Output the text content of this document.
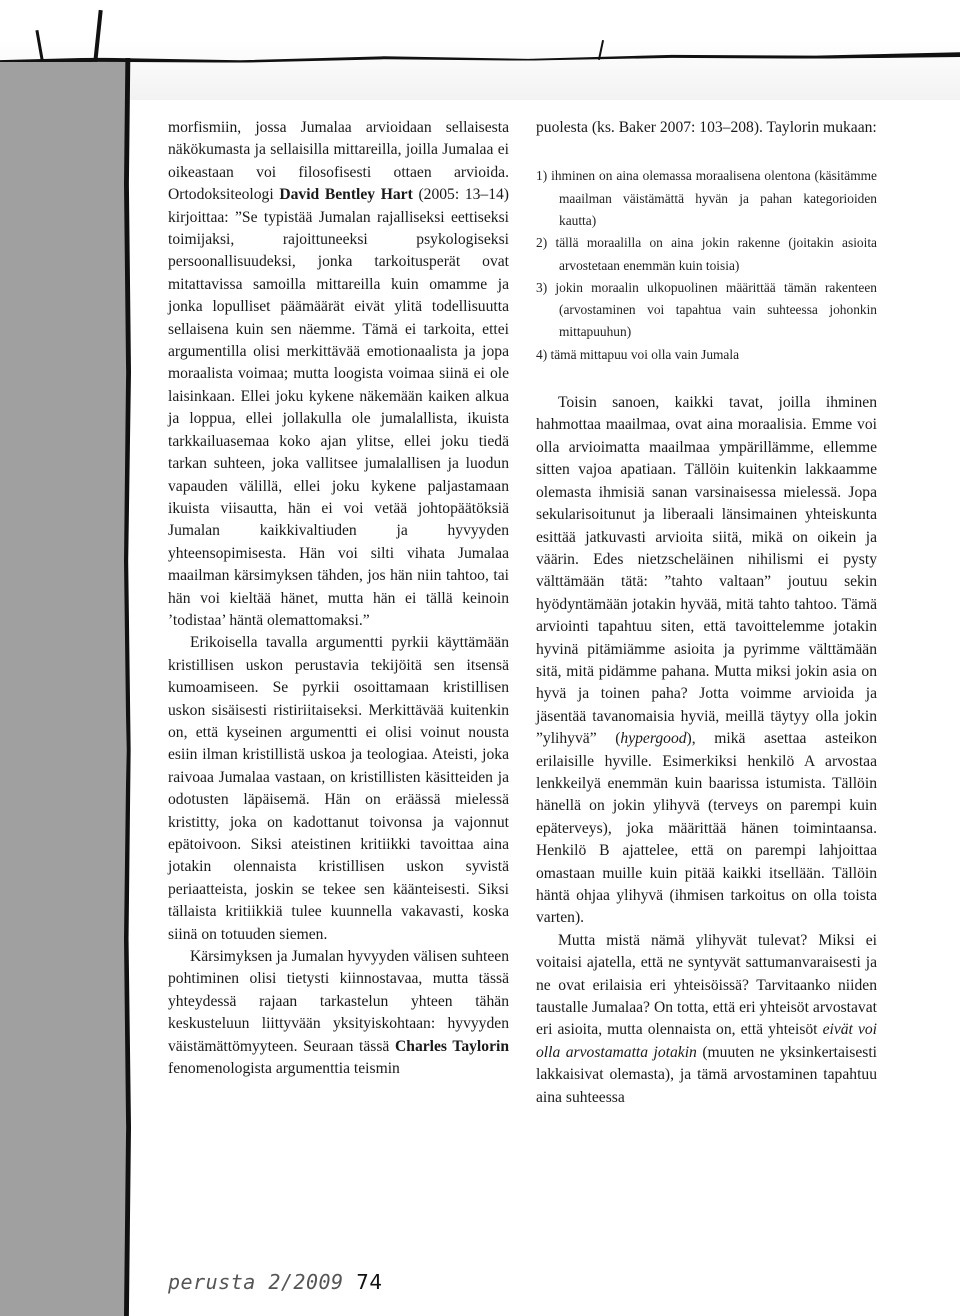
morfismiin, jossa Jumalaa arvioidaan sellaisesta näkökumasta ja sellaisilla mittareilla, joilla Jumalaa ei oikeastaan voi filosofisesti ottaen arvioida. Ortodoksiteologi David Bentley Hart (2005: 13–14) kirjoittaa: ”Se typistää Jumalan rajalliseksi eettiseksi toimijaksi, rajoittuneeksi psykologiseksi persoonallisuudeksi, jonka tarkoitusperät ovat mitattavissa samoilla mittareilla kuin omamme ja jonka lopulliset päämäärät eivät ylitä todellisuutta sellaisena kuin sen näemme. Tämä ei tarkoita, ettei argumentilla olisi merkittävää emotionaalista ja jopa moraalista voimaa; mutta loogista voimaa siinä ei ole laisinkaan. Ellei joku kykene näkemään kaiken alkua ja loppua, ellei jollakulla ole jumalallista, ikuista tarkkailuasemaa koko ajan ylitse, ellei joku tiedä tarkan suhteen, joka vallitsee jumalallisen ja luodun vapauden välillä, ellei joku kykene paljastamaan ikuista viisautta, hän ei voi vetää johtopäätöksiä Jumalan kaikkivaltiuden ja hyvyyden yhteensopimisesta. Hän voi silti vihata Jumalaa maailman kärsimyksen tähden, jos hän niin tahtoo, tai hän voi kieltää hänet, mutta hän ei tällä keinoin ’todistaa’ häntä olemattomaksi.”

Erikoisella tavalla argumentti pyrkii käyttämään kristillisen uskon perustavia tekijöitä sen itsensä kumoamiseen. Se pyrkii osoittamaan kristillisen uskon sisäisesti ristiriitaiseksi. Merkittävää kuitenkin on, että kyseinen argumentti ei olisi voinut nousta esiin ilman kristillistä uskoa ja teologiaa. Ateisti, joka raivoaa Jumalaa vastaan, on kristillisten käsitteiden ja odotusten läpäisemä. Hän on eräässä mielessä kristitty, joka on kadottanut toivonsa ja vajonnut epätoivoon. Siksi ateistinen kritiikki tavoittaa aina jotakin olennaista kristillisen uskon syvistä periaatteista, joskin se tekee sen käänteisesti. Siksi tällaista kritiikkiä tulee kuunnella vakavasti, koska siinä on totuuden siemen.

Kärsimyksen ja Jumalan hyvyyden välisen suhteen pohtiminen olisi tietysti kiinnostavaa, mutta tässä yhteydessä rajaan tarkastelun yhteen tähän keskusteluun liittyvään yksityiskohtaan: hyvyyden väistämättömyyteen. Seuraan tässä Charles Taylorin fenomenologista argumenttia teismin

puolesta (ks. Baker 2007: 103–208). Taylorin mukaan:

1) ihminen on aina olemassa moraalisena olentona (käsitämme maailman väistämättä hyvän ja pahan kategorioiden kautta)
2) tällä moraalilla on aina jokin rakenne (joitakin asioita arvostetaan enemmän kuin toisia)
3) jokin moraalin ulkopuolinen määrittää tämän rakenteen (arvostaminen voi tapahtua vain suhteessa johonkin mittapuuhun)
4) tämä mittapuu voi olla vain Jumala

Toisin sanoen, kaikki tavat, joilla ihminen hahmottaa maailmaa, ovat aina moraalisia. Emme voi olla arvioimatta maailmaa ympärillämme, ellemme sitten vajoa apatiaan. Tällöin kuitenkin lakkaamme olemasta ihmisiä sanan varsinaisessa mielessä. Jopa sekularisoitunut ja liberaali länsimainen yhteiskunta esittää jatkuvasti arvioita siitä, mikä on oikein ja väärin. Edes nietzscheläinen nihilismi ei pysty välttämään tätä: ”tahto valtaan” joutuu sekin hyödyntämään jotakin hyvää, mitä tahto tahtoo. Tämä arviointi tapahtuu siten, että tavoittelemme jotakin hyvinä pitämiämme asioita ja pyrimme välttämään sitä, mitä pidämme pahana. Mutta miksi jokin asia on hyvä ja toinen paha? Jotta voimme arvioida ja jäsentää tavanomaisia hyviä, meillä täytyy olla jokin ”ylihyvä” (hypergood), mikä asettaa asteikon erilaisille hyville. Esimerkiksi henkilö A arvostaa lenkkeilyä enemmän kuin baarissa istumista. Tällöin hänellä on jokin ylihyvä (terveys on parempi kuin epäterveys), joka määrittää hänen toimintaansa. Henkilö B ajattelee, että on parempi lahjoittaa omastaan muille kuin pitää kaikki itsellään. Tällöin häntä ohjaa ylihyvä (ihmisen tarkoitus on olla toista varten).

Mutta mistä nämä ylihyvät tulevat? Miksi ei voitaisi ajatella, että ne syntyvät sattumanvaraisesti ja ne ovat erilaisia eri yhteisöissä? Tarvitaanko niiden taustalle Jumalaa? On totta, että eri yhteisöt arvostavat eri asioita, mutta olennaista on, että yhteisöt eivät voi olla arvostamatta jotakin (muuten ne yksinkertaisesti lakkaisivat olemasta), ja tämä arvostaminen tapahtuu aina suhteessa

perusta 2/2009 74
